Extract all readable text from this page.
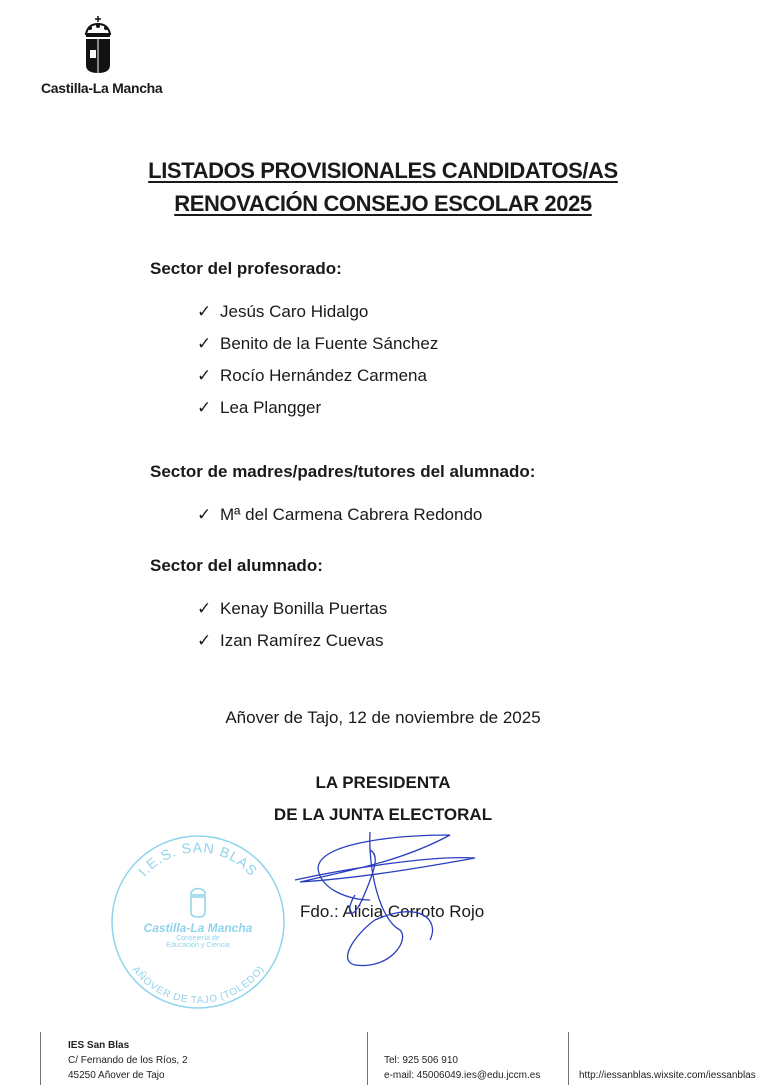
Castilla-La Mancha
LISTADOS PROVISIONALES CANDIDATOS/AS
RENOVACIÓN CONSEJO ESCOLAR 2025
Sector del profesorado:
✓ Jesús Caro Hidalgo
✓ Benito de la Fuente Sánchez
✓ Rocío Hernández Carmena
✓ Lea Plangger
Sector de madres/padres/tutores del alumnado:
✓ Mª del Carmena Cabrera Redondo
Sector del alumnado:
✓ Kenay Bonilla Puertas
✓ Izan Ramírez Cuevas
Añover de Tajo, 12 de noviembre de 2025
LA PRESIDENTA
DE LA JUNTA ELECTORAL
I.E.S. SAN BLAS
AÑOVER DE TAJO (TOLEDO)
Castilla-La Mancha
Consejería de
Educación y Ciencia
Fdo.: Alicia Corroto Rojo
IES San Blas
C/ Fernando de los Ríos, 2
45250 Añover de Tajo
Tel: 925 506 910
e-mail: 45006049.ies@edu.jccm.es	http://iessanblas.wixsite.com/iessanblas
